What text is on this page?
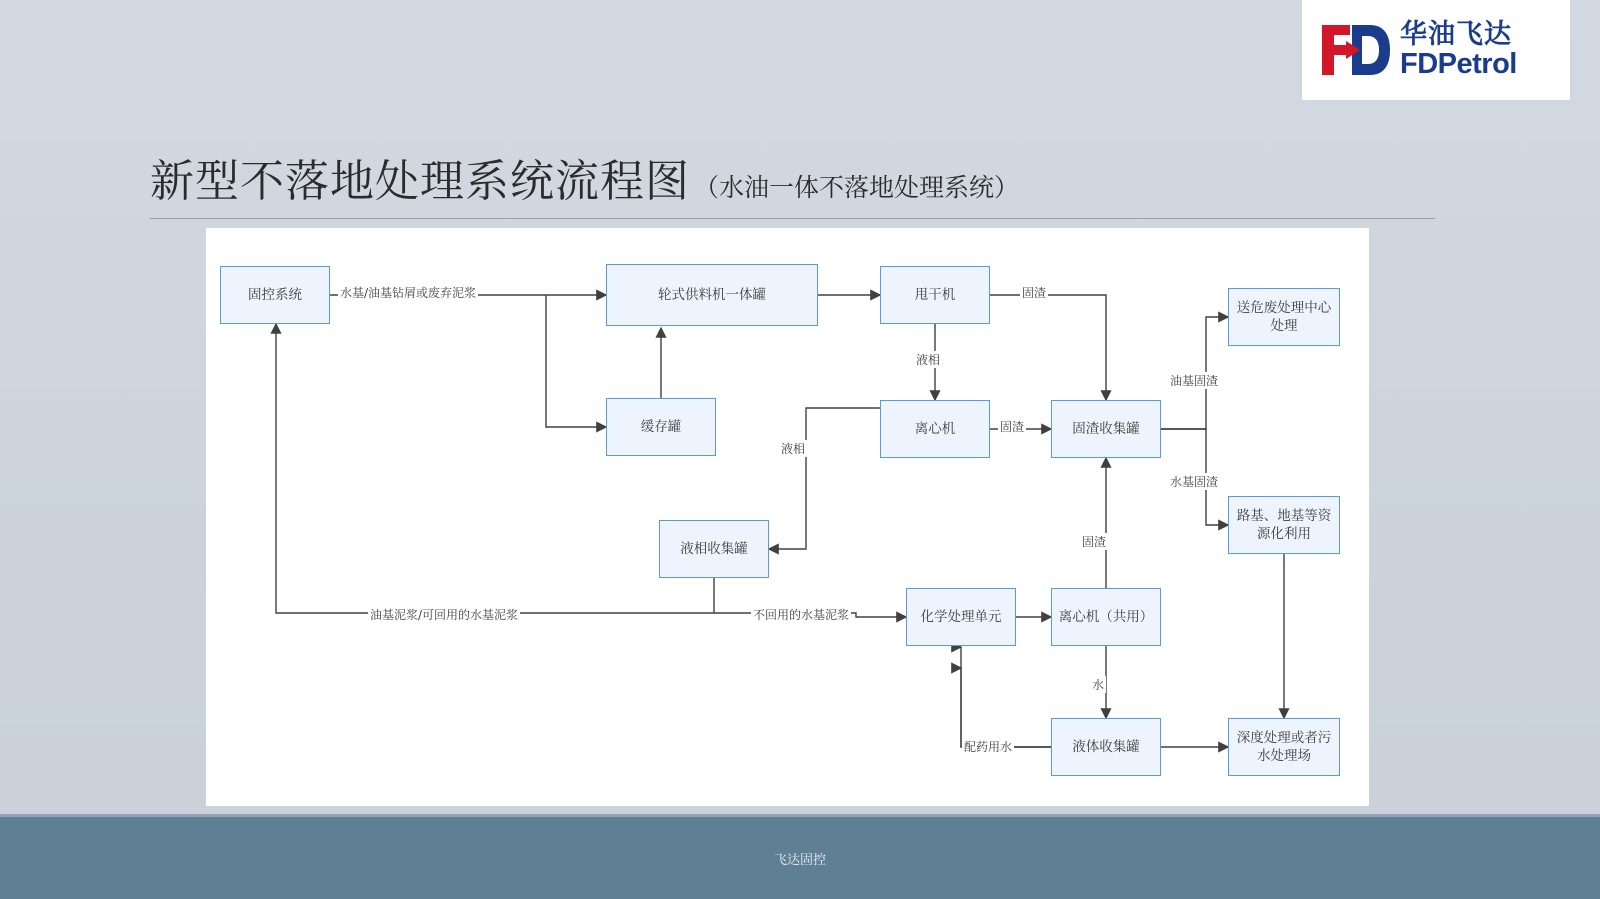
华油飞达
FDPetrol
新型不落地处理系统流程图 （水油一体不落地处理系统）
固控系统	轮式供料机一体罐	甩干机
缓存罐	离心机	固渣收集罐
送危废处理中心处理
路基、地基等资源化利用
液相收集罐
化学处理单元	离心机（共用）
液体收集罐
深度处理或者污水处理场
水基/油基钻屑或废弃泥浆	固渣
液相
固渣
液相
油基固渣
水基固渣
固渣
油基泥浆/可回用的水基泥浆	不回用的水基泥浆
水
配药用水
飞达固控
